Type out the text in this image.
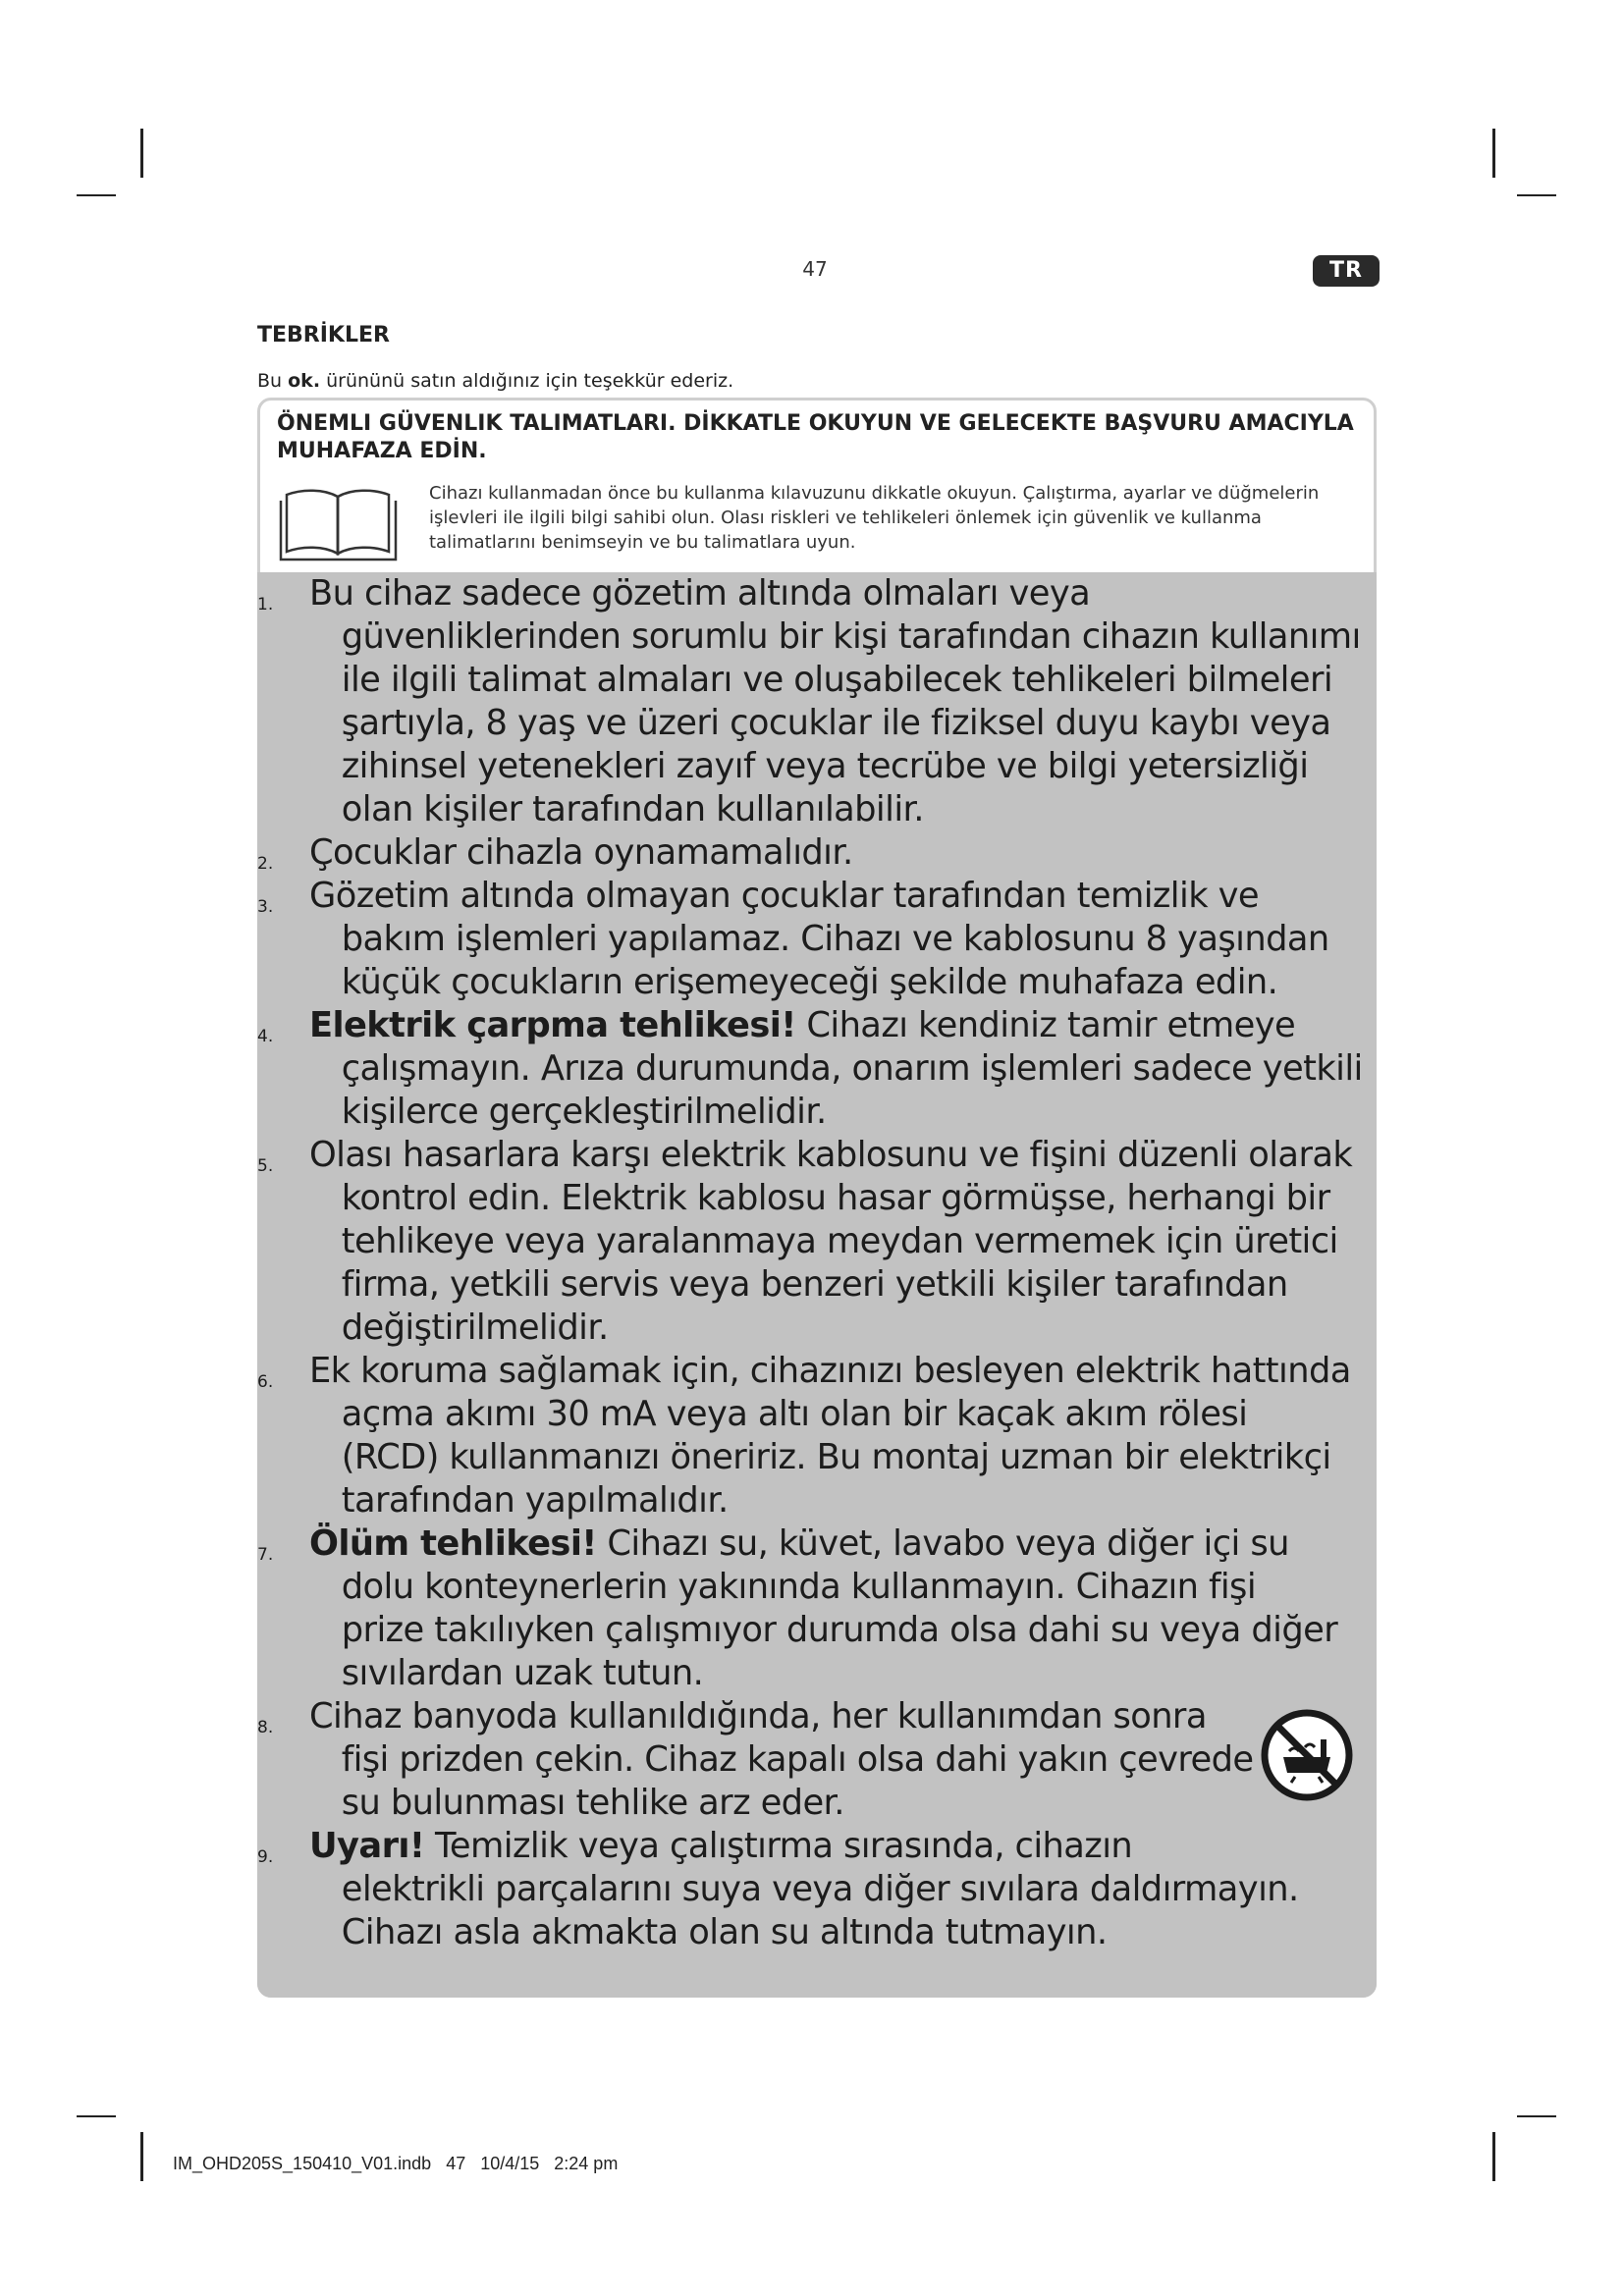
47	TR
TEBRİKLER
Bu ok. ürününü satın aldığınız için teşekkür ederiz.
ÖNEMLI GÜVENLIK TALIMATLARI. DİKKATLE OKUYUN VE GELECEKTE BAŞVURU AMACIYLA MUHAFAZA EDİN.
Cihazı kullanmadan önce bu kullanma kılavuzunu dikkatle okuyun. Çalıştırma, ayarlar ve düğmelerin işlevleri ile ilgili bilgi sahibi olun. Olası riskleri ve tehlikeleri önlemek için güvenlik ve kullanma talimatlarını benimseyin ve bu talimatlara uyun.
1. Bu cihaz sadece gözetim altında olmaları veya
güvenliklerinden sorumlu bir kişi tarafından cihazın kullanımı
ile ilgili talimat almaları ve oluşabilecek tehlikeleri bilmeleri
şartıyla, 8 yaş ve üzeri çocuklar ile fiziksel duyu kaybı veya
zihinsel yetenekleri zayıf veya tecrübe ve bilgi yetersizliği
olan kişiler tarafından kullanılabilir.
2. Çocuklar cihazla oynamamalıdır.
3. Gözetim altında olmayan çocuklar tarafından temizlik ve
bakım işlemleri yapılamaz. Cihazı ve kablosunu 8 yaşından
küçük çocukların erişemeyeceği şekilde muhafaza edin.
4. Elektrik çarpma tehlikesi! Cihazı kendiniz tamir etmeye
çalışmayın. Arıza durumunda, onarım işlemleri sadece yetkili
kişilerce gerçekleştirilmelidir.
5. Olası hasarlara karşı elektrik kablosunu ve fişini düzenli olarak
kontrol edin. Elektrik kablosu hasar görmüşse, herhangi bir
tehlikeye veya yaralanmaya meydan vermemek için üretici
firma, yetkili servis veya benzeri yetkili kişiler tarafından
değiştirilmelidir.
6. Ek koruma sağlamak için, cihazınızı besleyen elektrik hattında
açma akımı 30 mA veya altı olan bir kaçak akım rölesi
(RCD) kullanmanızı öneririz. Bu montaj uzman bir elektrikçi
tarafından yapılmalıdır.
7. Ölüm tehlikesi! Cihazı su, küvet, lavabo veya diğer içi su
dolu konteynerlerin yakınında kullanmayın. Cihazın fişi
prize takılıyken çalışmıyor durumda olsa dahi su veya diğer
sıvılardan uzak tutun.
8. Cihaz banyoda kullanıldığında, her kullanımdan sonra
fişi prizden çekin. Cihaz kapalı olsa dahi yakın çevrede
su bulunması tehlike arz eder.
9. Uyarı! Temizlik veya çalıştırma sırasında, cihazın
elektrikli parçalarını suya veya diğer sıvılara daldırmayın.
Cihazı asla akmakta olan su altında tutmayın.
IM_OHD205S_150410_V01.indb   47   10/4/15   2:24 pm
